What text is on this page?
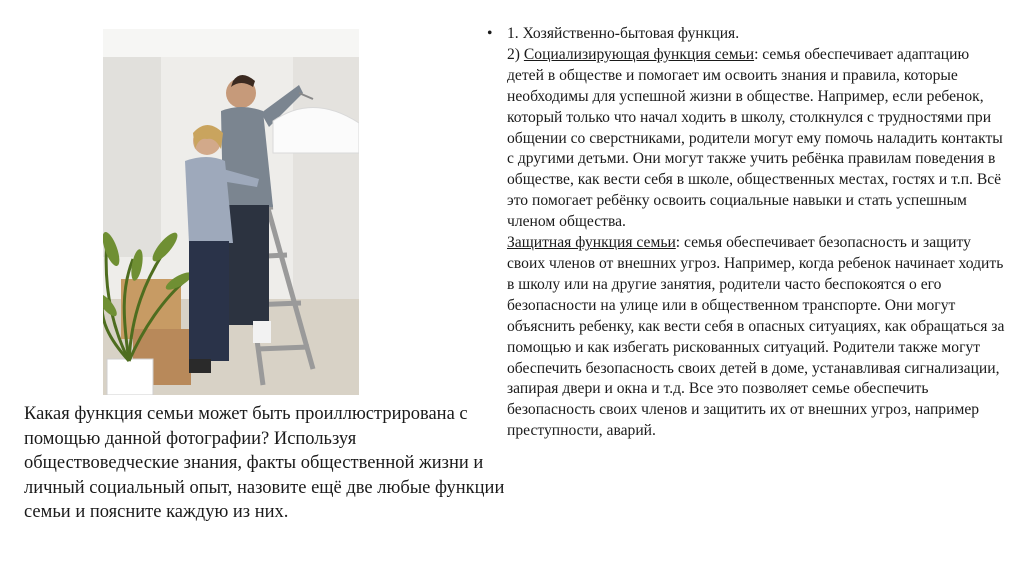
Какая функция семьи может быть проиллюстрирована с помощью данной фотографии? Используя обществоведческие знания, факты общественной жизни и личный социальный опыт, назовите ещё две любые функции семьи и поясните каждую из них.

• 1. Хозяйственно-бытовая функция.
2) Социализирующая функция семьи: семья обеспечивает адаптацию детей в обществе и помогает им освоить знания и правила, которые необходимы для успешной жизни в обществе. Например, если ребенок, который только что начал ходить в школу, столкнулся с трудностями при общении со сверстниками, родители могут ему помочь наладить контакты с другими детьми. Они могут также учить ребёнка правилам поведения в обществе, как вести себя в школе, общественных местах, гостях и т.п. Всё это помогает ребёнку освоить социальные навыки и стать успешным членом общества.
Защитная функция семьи: семья обеспечивает безопасность и защиту своих членов от внешних угроз. Например, когда ребенок начинает ходить в школу или на другие занятия, родители часто беспокоятся о его безопасности на улице или в общественном транспорте. Они могут объяснить ребенку, как вести себя в опасных ситуациях, как обращаться за помощью и как избегать рискованных ситуаций. Родители также могут обеспечить безопасность своих детей в доме, устанавливая сигнализации, запирая двери и окна и т.д. Все это позволяет семье обеспечить безопасность своих членов и защитить их от внешних угроз, например преступности, аварий.
